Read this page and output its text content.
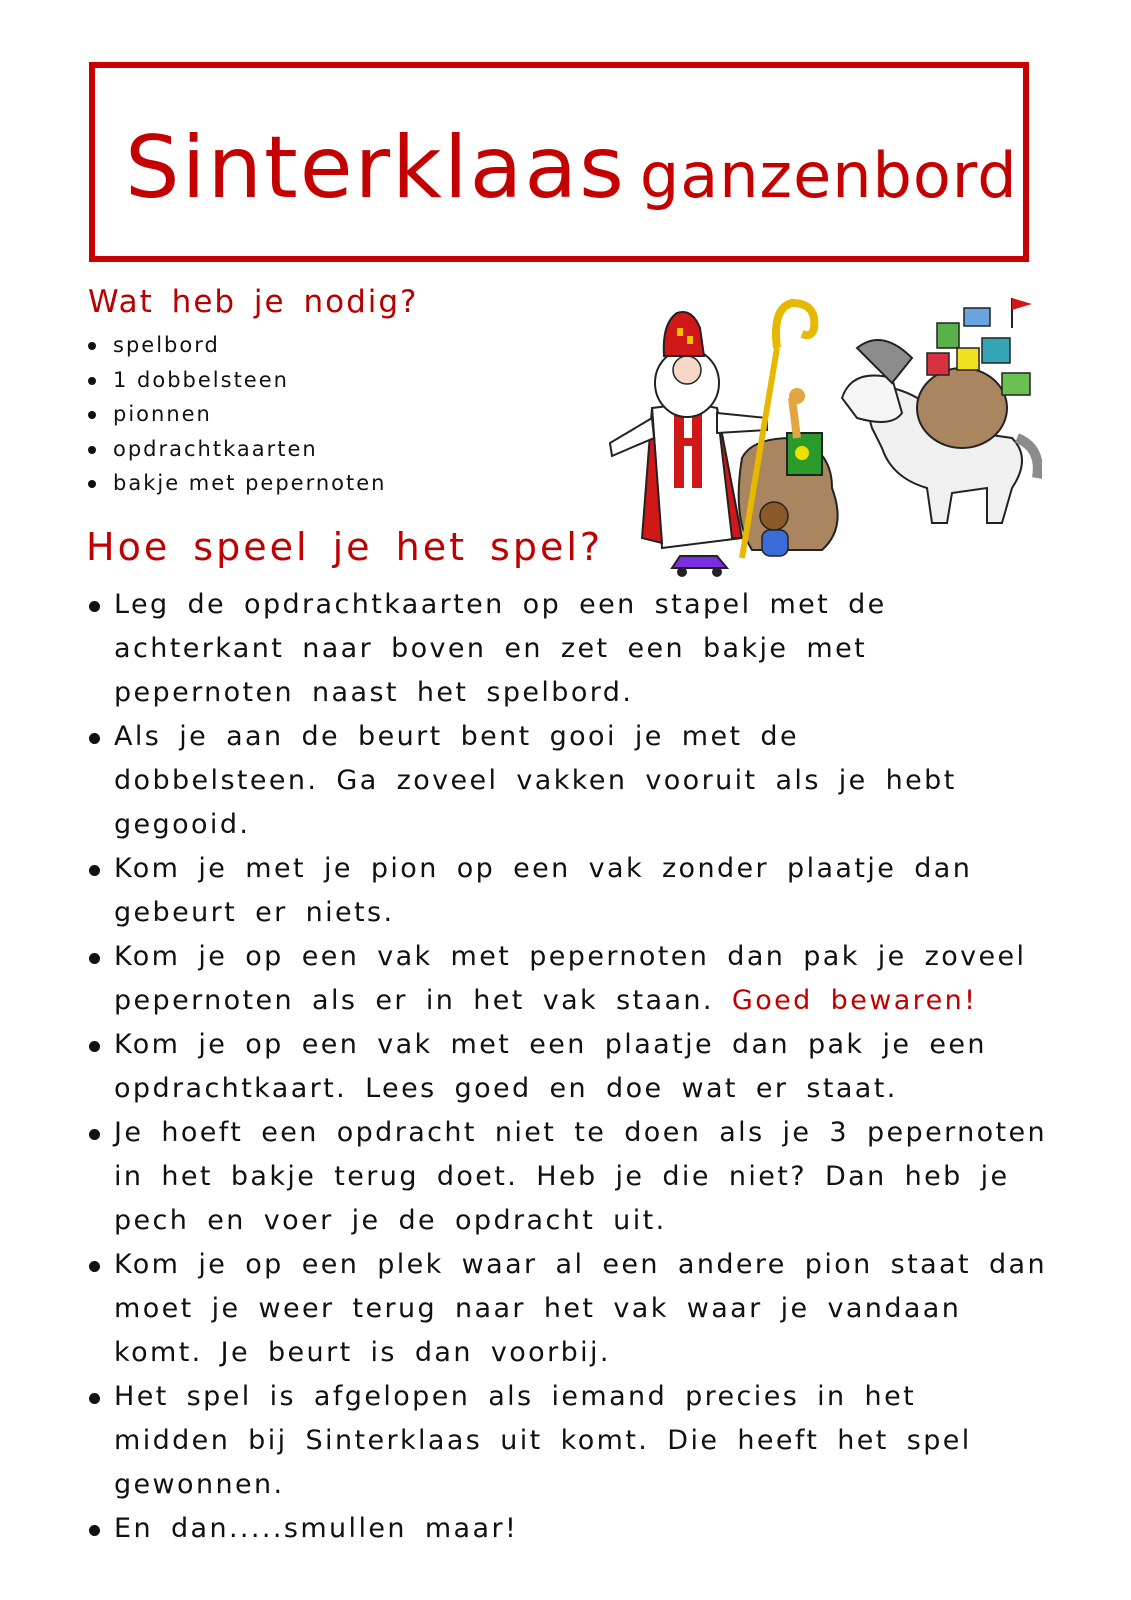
Sinterklaas ganzenbord
Wat heb je nodig?
spelbord
1 dobbelsteen
pionnen
opdrachtkaarten
bakje met pepernoten
Hoe speel je het spel?
Leg de opdrachtkaarten op een stapel met de achterkant naar boven en zet een bakje met pepernoten naast het spelbord.
Als je aan de beurt bent gooi je met de dobbelsteen. Ga zoveel vakken vooruit als je hebt gegooid.
Kom je met je pion op een vak zonder plaatje dan gebeurt er niets.
Kom je op een vak met pepernoten dan pak je zoveel pepernoten als er in het vak staan. Goed bewaren!
Kom je op een vak met een plaatje dan pak je een opdrachtkaart. Lees goed en doe wat er staat.
Je hoeft een opdracht niet te doen als je 3 pepernoten in het bakje terug doet. Heb je die niet? Dan heb je pech en voer je de opdracht uit.
Kom je op een plek waar al een andere pion staat dan moet je weer terug naar het vak waar je vandaan komt. Je beurt is dan voorbij.
Het spel is afgelopen als iemand precies in het midden bij Sinterklaas uit komt. Die heeft het spel gewonnen.
En dan.....smullen maar!
